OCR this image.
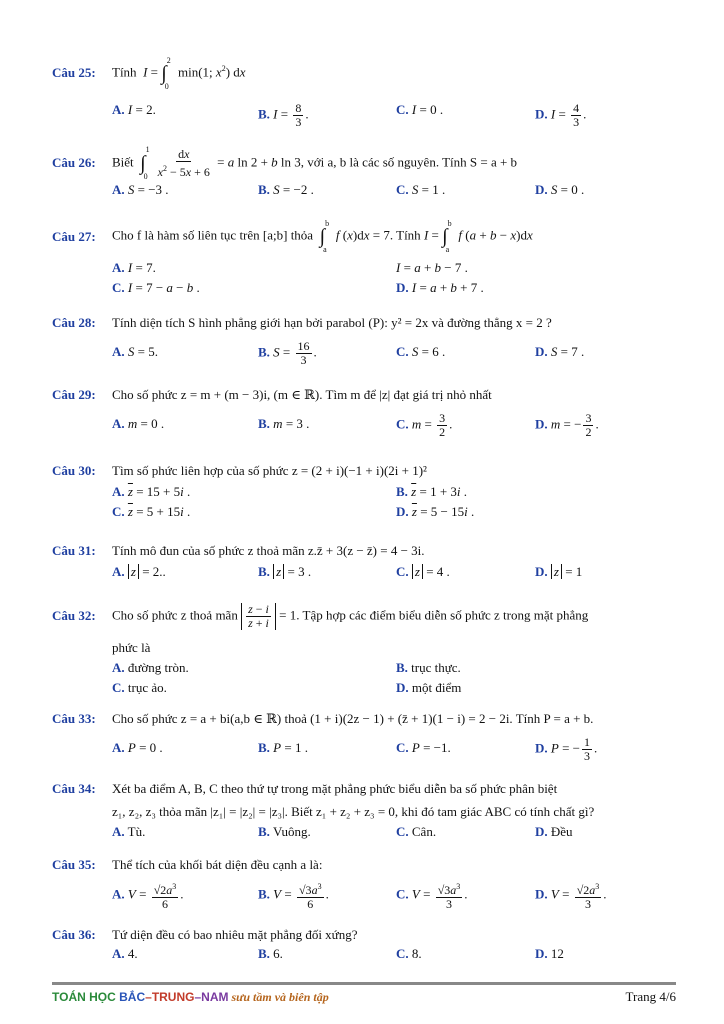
Câu 25:	Tính I = ∫$^2_0$ min(1; $x^2$) dx
A. I = 2.	B. $I = \frac{8}{3}$ .	C. I = 0 .	D. $I = \frac{4}{3}$ .
Câu 26:	Biết $\int^1_0 \frac{dx}{x^2 - 5x + 6} = a$ ln 2 + b ln 3, với a, b là các số nguyên. Tính S = a + b
A. S = −3 .	B. S = −2 .	C. S = 1 .	D. S = 0 .
Câu 27:	Cho f là hàm số liên tục trên [a;b] thỏa ∫$^b_a$ f (x)dx = 7. Tính I = ∫$^b_a$ f (a + b − x)dx
A. I = 7.	I = a + b − 7 .
C. I = 7 − a − b .	D. I = a + b + 7 .
Câu 28:	Tính diện tích S hình phẳng giới hạn bởi parabol (P): y² = 2x và đường thẳng x = 2 ?
A. S = 5.	B. $S = \frac{16}{3}$ .	C. S = 6 .	D. S = 7 .
Câu 29:	Cho số phức z = m + (m − 3)i, (m ∈ ℝ). Tìm m để |z| đạt giá trị nhỏ nhất
A. m = 0 .	B. m = 3 .	C. $m = \frac{3}{2}$ .	D. m = − $\frac{3}{2}$ .
Câu 30:	Tìm số phức liên hợp của số phức z = (2 + i)(−1 + i)(2i + 1)²
A. $\overline{z} = 15 + 5i$ .	B. $\overline{z} = 1 + 3i$ .
C. $\overline{z} = 5 + 15i$ .	D. $\overline{z} = 5 - 15i$ .
Câu 31:	Tính mô đun của số phức z thoả mãn z.z̄ + 3(z − z̄) = 4 − 3i.
A. z = 2..	B. z = 3 .	C. z = 4 .	D. z = 1
Câu 32:	Cho số phức z thoả mãn $\frac{z - i}{z + i} = 1$. Tập hợp các điểm biểu diễn số phức z trong mặt phẳng
phức là
A. đường tròn.	B. trục thực.
C. trục ảo.	D. một điểm
Câu 33:	Cho số phức z = a + bi(a,b ∈ ℝ) thoả (1 + i)(2z − 1) + (z̄ + 1)(1 − i) = 2 − 2i. Tính P = a + b.
A. P = 0 .	B. P = 1 .	C. P = −1.	D. P = − $\frac{1}{3}$ .
Câu 34:	Xét ba điểm A, B, C theo thứ tự trong mặt phẳng phức biểu diễn ba số phức phân biệt
z₁, z₂, z₃ thỏa mãn |z₁| = |z₂| = |z₃|. Biết z₁ + z₂ + z₃ = 0, khi đó tam giác ABC có tính chất gì?
A. Tù.	B. Vuông.	C. Cân.	D. Đều
Câu 35:	Thể tích của khối bát diện đều cạnh a là:
A. $V = \frac{√2a^3}{6}$ .	B. $V = \frac{√3a^3}{6}$ .	C. $V = \frac{√3a^3}{3}$ .	D. $V = \frac{√2a^3}{3}$ .
Câu 36:	Tứ diện đều có bao nhiêu mặt phẳng đối xứng?
A. 4.	B. 6.	C. 8.	D. 12
TOÁN HỌC BẮC–TRUNG–NAM sưu tầm và biên tập	Trang 4/6
